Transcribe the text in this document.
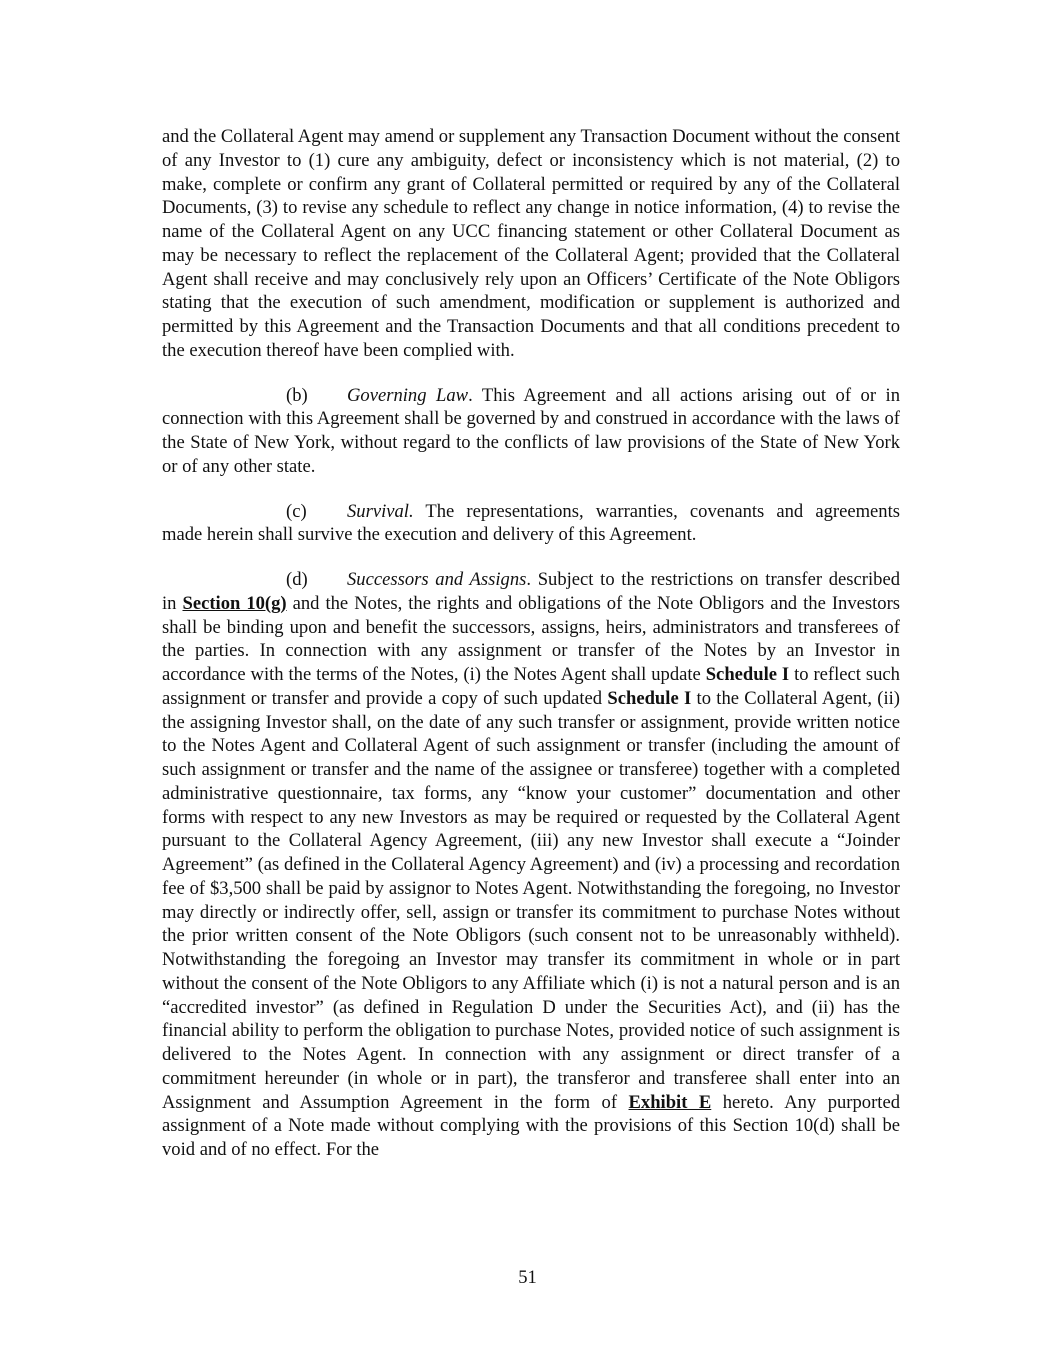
and the Collateral Agent may amend or supplement any Transaction Document without the consent of any Investor to (1) cure any ambiguity, defect or inconsistency which is not material, (2) to make, complete or confirm any grant of Collateral permitted or required by any of the Collateral Documents, (3) to revise any schedule to reflect any change in notice information, (4) to revise the name of the Collateral Agent on any UCC financing statement or other Collateral Document as may be necessary to reflect the replacement of the Collateral Agent; provided that the Collateral Agent shall receive and may conclusively rely upon an Officers’ Certificate of the Note Obligors stating that the execution of such amendment, modification or supplement is authorized and permitted by this Agreement and the Transaction Documents and that all conditions precedent to the execution thereof have been complied with.

(b) Governing Law. This Agreement and all actions arising out of or in connection with this Agreement shall be governed by and construed in accordance with the laws of the State of New York, without regard to the conflicts of law provisions of the State of New York or of any other state.

(c) Survival. The representations, warranties, covenants and agreements made herein shall survive the execution and delivery of this Agreement.

(d) Successors and Assigns. Subject to the restrictions on transfer described in Section 10(g) and the Notes, the rights and obligations of the Note Obligors and the Investors shall be binding upon and benefit the successors, assigns, heirs, administrators and transferees of the parties. In connection with any assignment or transfer of the Notes by an Investor in accordance with the terms of the Notes, (i) the Notes Agent shall update Schedule I to reflect such assignment or transfer and provide a copy of such updated Schedule I to the Collateral Agent, (ii) the assigning Investor shall, on the date of any such transfer or assignment, provide written notice to the Notes Agent and Collateral Agent of such assignment or transfer (including the amount of such assignment or transfer and the name of the assignee or transferee) together with a completed administrative questionnaire, tax forms, any “know your customer” documentation and other forms with respect to any new Investors as may be required or requested by the Collateral Agent pursuant to the Collateral Agency Agreement, (iii) any new Investor shall execute a “Joinder Agreement” (as defined in the Collateral Agency Agreement) and (iv) a processing and recordation fee of $3,500 shall be paid by assignor to Notes Agent. Notwithstanding the foregoing, no Investor may directly or indirectly offer, sell, assign or transfer its commitment to purchase Notes without the prior written consent of the Note Obligors (such consent not to be unreasonably withheld). Notwithstanding the foregoing an Investor may transfer its commitment in whole or in part without the consent of the Note Obligors to any Affiliate which (i) is not a natural person and is an “accredited investor” (as defined in Regulation D under the Securities Act), and (ii) has the financial ability to perform the obligation to purchase Notes, provided notice of such assignment is delivered to the Notes Agent. In connection with any assignment or direct transfer of a commitment hereunder (in whole or in part), the transferor and transferee shall enter into an Assignment and Assumption Agreement in the form of Exhibit E hereto. Any purported assignment of a Note made without complying with the provisions of this Section 10(d) shall be void and of no effect. For the

51
